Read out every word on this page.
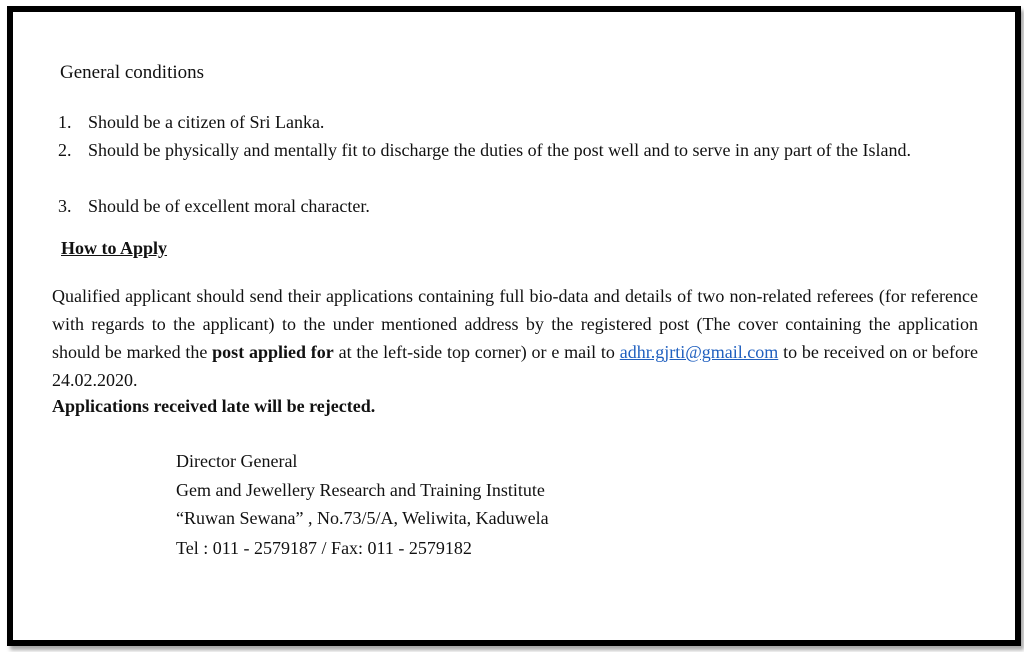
General conditions
1. Should be a citizen of Sri Lanka.
2. Should be physically and mentally fit to discharge the duties of the post well and to serve in any part of the Island.
3. Should be of excellent moral character.
How to Apply
Qualified applicant should send their applications containing full bio-data and details of two non-related referees (for reference with regards to the applicant) to the under mentioned address by the registered post (The cover containing the application should be marked the post applied for at the left-side top corner) or e mail to adhr.gjrti@gmail.com to be received on or before 24.02.2020.
Applications received late will be rejected.
Director General
Gem and Jewellery Research and Training Institute
“Ruwan Sewana” , No.73/5/A, Weliwita, Kaduwela
Tel : 011 - 2579187 / Fax: 011 - 2579182
